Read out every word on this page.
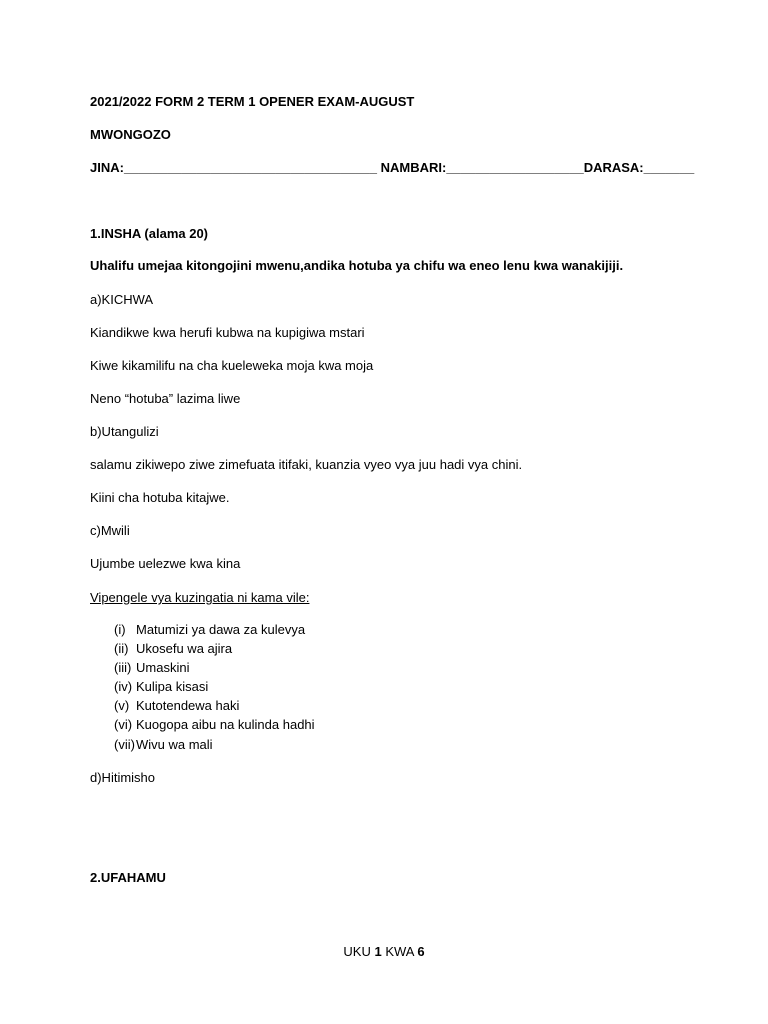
2021/2022 FORM 2 TERM 1 OPENER EXAM-AUGUST
MWONGOZO
JINA:___________________________________ NAMBARI:___________________DARASA:_______
1.INSHA (alama 20)
Uhalifu umejaa kitongojini mwenu,andika hotuba ya chifu wa eneo lenu kwa wanakijiji.
a)KICHWA
Kiandikwe kwa herufi kubwa na kupigiwa mstari
Kiwe kikamilifu na cha kueleweka moja kwa moja
Neno “hotuba” lazima liwe
b)Utangulizi
salamu zikiwepo ziwe zimefuata itifaki, kuanzia vyeo vya juu hadi vya chini.
Kiini cha hotuba kitajwe.
c)Mwili
Ujumbe uelezwe kwa kina
Vipengele vya kuzingatia ni kama vile:
(i) Matumizi ya dawa za kulevya
(ii) Ukosefu wa ajira
(iii) Umaskini
(iv) Kulipa kisasi
(v) Kutotendewa haki
(vi) Kuogopa aibu na kulinda hadhi
(vii)Wivu wa mali
d)Hitimisho
2.UFAHAMU
UKU 1 KWA 6
